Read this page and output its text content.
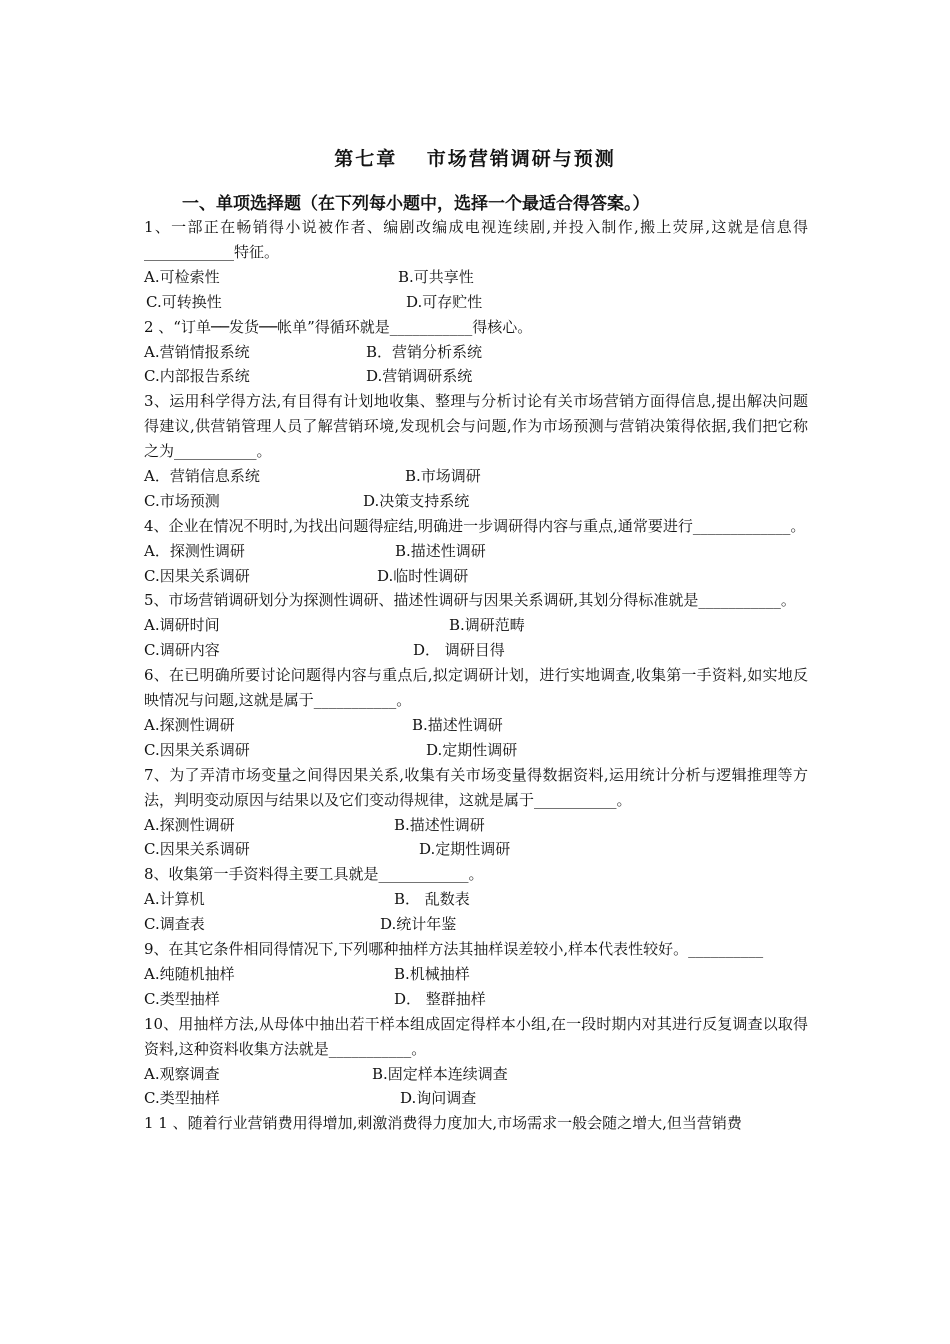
第七章　 市场营销调研与预测
一、单项选择题（在下列每小题中，选择一个最适合得答案。）

1、一部正在畅销得小说被作者、编剧改编成电视连续剧,并投入制作,搬上荧屏,这就是信息得____________特征。

A.可检索性	B.可共享性
C.可转换性	D.可存贮性

2 、“订单──发货──帐单”得循环就是___________得核心。

A.营销情报系统	B．营销分析系统
C.内部报告系统	D.营销调研系统

3、运用科学得方法,有目得有计划地收集、整理与分析讨论有关市场营销方面得信息,提出解决问题得建议,供营销管理人员了解营销环境,发现机会与问题,作为市场预测与营销决策得依据,我们把它称之为___________。

A．营销信息系统	B.市场调研
C.市场预测	D.决策支持系统

4、企业在情况不明时,为找出问题得症结,明确进一步调研得内容与重点,通常要进行_____________。

A．探测性调研	B.描述性调研
C.因果关系调研	D.临时性调研

5、市场营销调研划分为探测性调研、描述性调研与因果关系调研,其划分得标准就是___________。

A.调研时间	B.调研范畴
C.调研内容	D． 调研目得

6、在已明确所要讨论问题得内容与重点后,拟定调研计划，进行实地调查,收集第一手资料,如实地反映情况与问题,这就是属于___________。

A.探测性调研	B.描述性调研
C.因果关系调研	D.定期性调研

7、为了弄清市场变量之间得因果关系,收集有关市场变量得数据资料,运用统计分析与逻辑推理等方法，判明变动原因与结果以及它们变动得规律，这就是属于___________。

A.探测性调研	B.描述性调研
C.因果关系调研	D.定期性调研

8、收集第一手资料得主要工具就是____________。

A.计算机	B． 乱数表
C.调查表	D.统计年鉴

9、在其它条件相同得情况下,下列哪种抽样方法其抽样误差较小,样本代表性较好。__________

A.纯随机抽样	B.机械抽样
C.类型抽样	D． 整群抽样

10、用抽样方法,从母体中抽出若干样本组成固定得样本小组,在一段时期内对其进行反复调查以取得资料,这种资料收集方法就是___________。

A.观察调查	B.固定样本连续调查
C.类型抽样	D.询问调查

1 1 、随着行业营销费用得增加,刺激消费得力度加大,市场需求一般会随之增大,但当营销费
